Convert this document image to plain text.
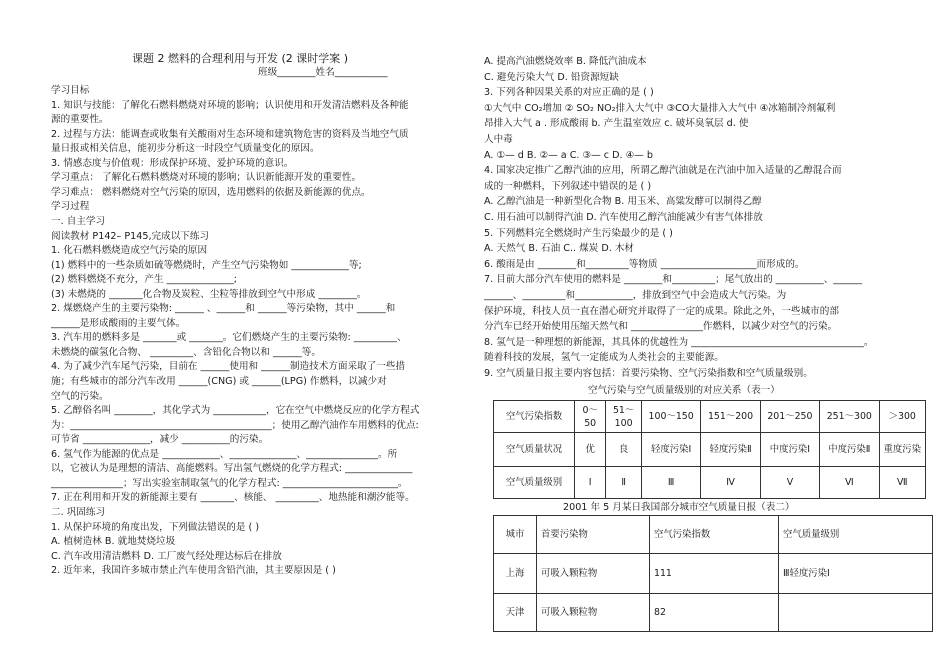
课题 2 燃料的合理利用与开发 (2 课时学案 )
班级________姓名___________
学习目标
1. 知识与技能：了解化石燃料燃烧对环境的影响；认识使用和开发清洁燃料及各种能
源的重要性。
2. 过程与方法：能调查或收集有关酸雨对生态环境和建筑物危害的资料及当地空气质
量日报或相关信息，能初步分析这一时段空气质量变化的原因。
3. 情感态度与价值观：形成保护环境、爱护环境的意识。
学习重点： 了解化石燃料燃烧对环境的影响；认识新能源开发的重要性。
学习难点： 燃料燃烧对空气污染的原因，选用燃料的依据及新能源的优点。
学习过程
一. 自主学习
阅读教材 P142– P145,完成以下练习
1. 化石燃料燃烧造成空气污染的原因
(1) 燃料中的一些杂质如硫等燃烧时，产生空气污染物如 ____________等;
(2) 燃料燃烧不充分，产生 ______________;
(3) 未燃烧的 _______化合物及炭粒、尘粒等排放到空气中形成 ________。
2. 煤燃烧产生的主要污染物: ______ 、______和 ______等污染物，其中 ______和
______是形成酸雨的主要气体。
3. 汽车用的燃料多是 _______或 _______。它们燃烧产生的主要污染物: _________、
未燃烧的碳氢化合物、 _________、含铅化合物以和 ______等。
4. 为了减少汽车尾气污染，目前在 ______使用和 ______制造技术方面采取了一些措
施；有些城市的部分汽车改用 ______(CNG) 或 ______(LPG) 作燃料，以减少对
空气的污染。
5. 乙醇俗名叫 ________，其化学式为 ___________，它在空气中燃烧反应的化学方程式
为：__________________________________________；使用乙醇汽油作车用燃料的优点:
可节省 ______________，减少 __________的污染。
6. 氢气作为能源的优点是 ____________、______________、_______________。所
以，它被认为是理想的清洁、高能燃料。写出氢气燃烧的化学方程式: ______________
_______________；写出实验室制取氢气的化学方程式: ________________________。
7. 正在利用和开发的新能源主要有 _______、核能、 _________、地热能和潮汐能等。
二. 巩固练习
1. 从保护环境的角度出发，下列做法错误的是 ( )
A. 植树造林 B. 就地焚烧垃圾
C. 汽车改用清洁燃料 D. 工厂废气经处理达标后在排放
2. 近年来，我国许多城市禁止汽车使用含铅汽油，其主要原因是 ( )
A. 提高汽油燃烧效率 B. 降低汽油成本
C. 避免污染大气 D. 铅资源短缺
3. 下列各种因果关系的对应正确的是 ( )
①大气中 CO₂增加 ② SO₂ NO₂排入大气中 ③CO大量排入大气中 ④冰箱制冷剂氟利
昂排入大气 a . 形成酸雨 b. 产生温室效应 c. 破坏臭氧层 d. 使
人中毒
A. ①— d B. ②— a C. ③— c D. ④— b
4. 国家决定推广乙醇汽油的应用，所谓乙醇汽油就是在汽油中加入适量的乙醇混合而
成的一种燃料，下列叙述中错误的是 ( )
A. 乙醇汽油是一种新型化合物 B. 用玉米、高粱发酵可以制得乙醇
C. 用石油可以制得汽油 D. 汽车使用乙醇汽油能减少有害气体排放
5. 下列燃料完全燃烧时产生污染最少的是 ( )
A. 天然气 B. 石油 C.. 煤炭 D. 木材
6. 酸雨是由 ________和_________等物质 ____________________而形成的。
7. 目前大部分汽车使用的燃料是 ________和_________；尾气放出的 __________、______
______、_________和____________，排放到空气中会造成大气污染。为
保护环境，科技人员一直在潜心研究并取得了一定的成果。除此之外，一些城市的部
分汽车已经开始使用压缩天然气和 _______________作燃料，以减少对空气的污染。
8. 氢气是一种理想的新能源，其具体的优越性为 ____________________________________。
随着科技的发展，氢气一定能成为人类社会的主要能源。
9. 空气质量日报主要内容包括：首要污染物、空气污染指数和空气质量级别。
空气污染与空气质量级别的对应关系（表一）
空气污染指数	0～50	51～100	100～150	151～200	201～250	251～300	＞300
空气质量状况	优	良	轻度污染Ⅰ	轻度污染Ⅱ	中度污染Ⅰ	中度污染Ⅱ	重度污染
空气质量级别	Ⅰ	Ⅱ	Ⅲ	Ⅳ	Ⅴ	Ⅵ	Ⅶ
2001 年 5 月某日我国部分城市空气质量日报（表二）
城市	首要污染物	空气污染指数	空气质量级别
上海	可吸入颗粒物	111	Ⅲ轻度污染Ⅰ
天津	可吸入颗粒物	82	
